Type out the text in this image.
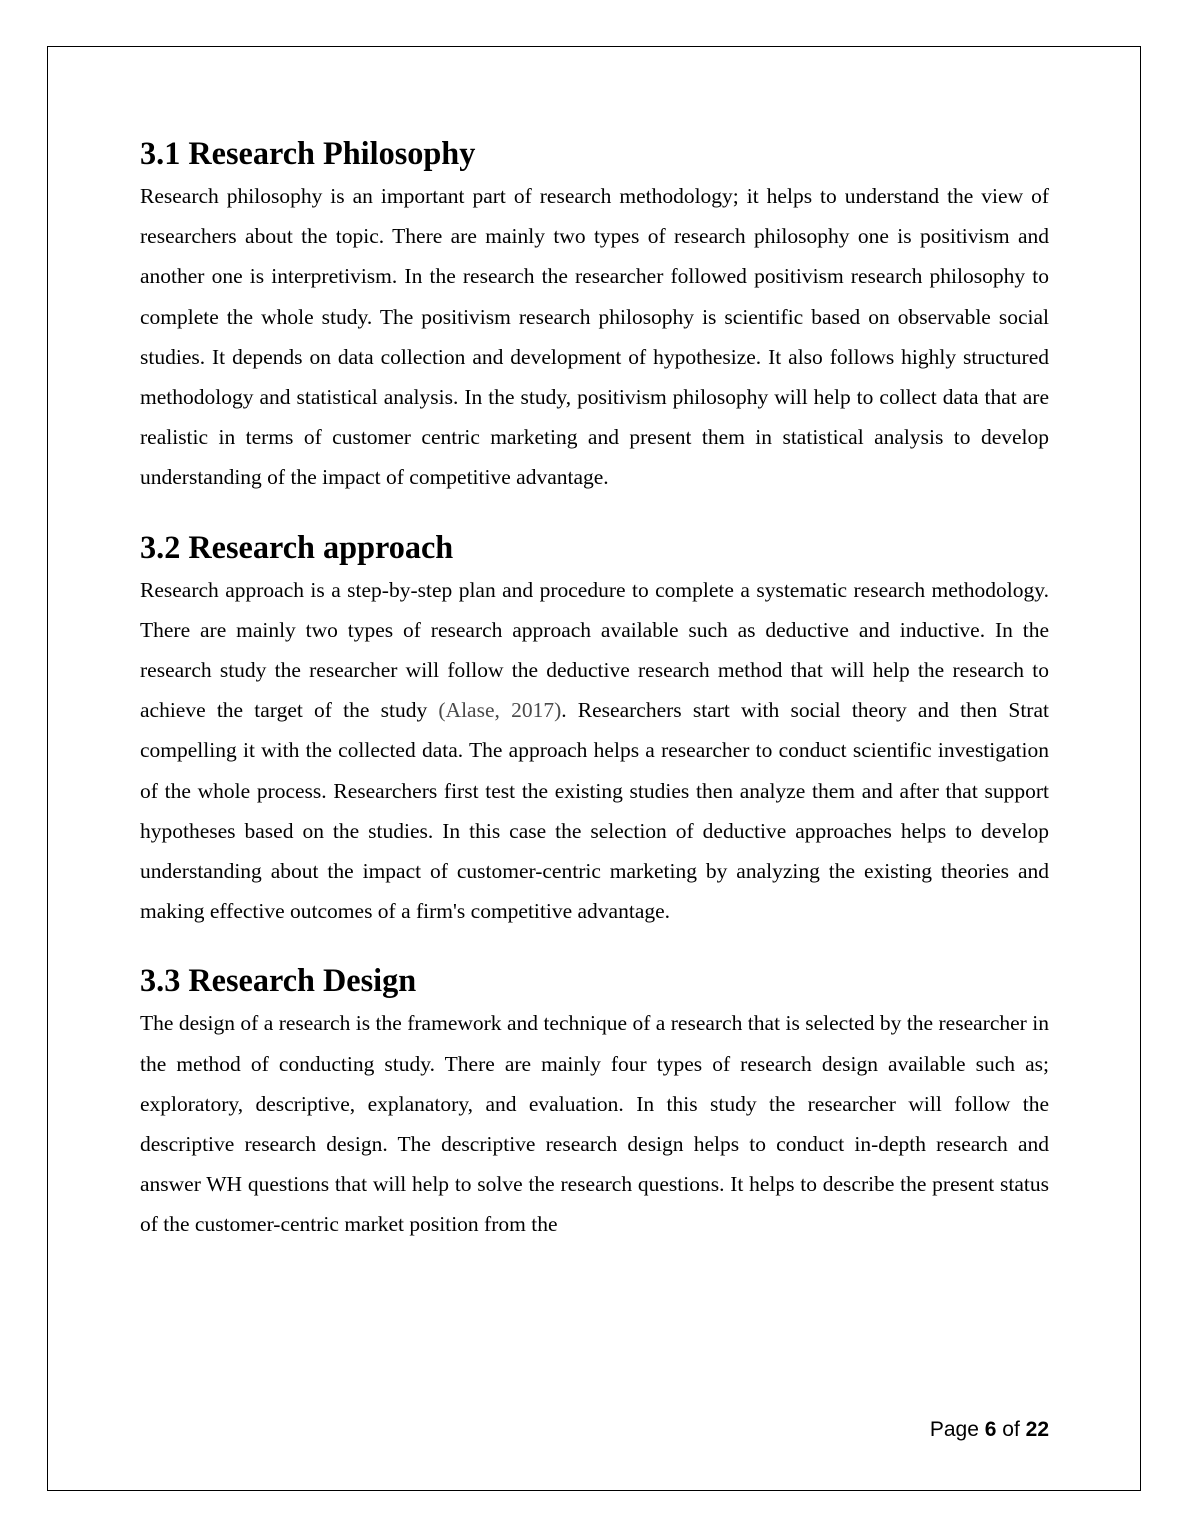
3.1 Research Philosophy

Research philosophy is an important part of research methodology; it helps to understand the view of researchers about the topic. There are mainly two types of research philosophy one is positivism and another one is interpretivism. In the research the researcher followed positivism research philosophy to complete the whole study. The positivism research philosophy is scientific based on observable social studies. It depends on data collection and development of hypothesize. It also follows highly structured methodology and statistical analysis. In the study, positivism philosophy will help to collect data that are realistic in terms of customer centric marketing and present them in statistical analysis to develop understanding of the impact of competitive advantage.

3.2 Research approach

Research approach is a step-by-step plan and procedure to complete a systematic research methodology. There are mainly two types of research approach available such as deductive and inductive. In the research study the researcher will follow the deductive research method that will help the research to achieve the target of the study (Alase, 2017). Researchers start with social theory and then Strat compelling it with the collected data. The approach helps a researcher to conduct scientific investigation of the whole process. Researchers first test the existing studies then analyze them and after that support hypotheses based on the studies. In this case the selection of deductive approaches helps to develop understanding about the impact of customer-centric marketing by analyzing the existing theories and making effective outcomes of a firm's competitive advantage.

3.3 Research Design

The design of a research is the framework and technique of a research that is selected by the researcher in the method of conducting study. There are mainly four types of research design available such as; exploratory, descriptive, explanatory, and evaluation. In this study the researcher will follow the descriptive research design. The descriptive research design helps to conduct in-depth research and answer WH questions that will help to solve the research questions. It helps to describe the present status of the customer-centric market position from the

Page 6 of 22
